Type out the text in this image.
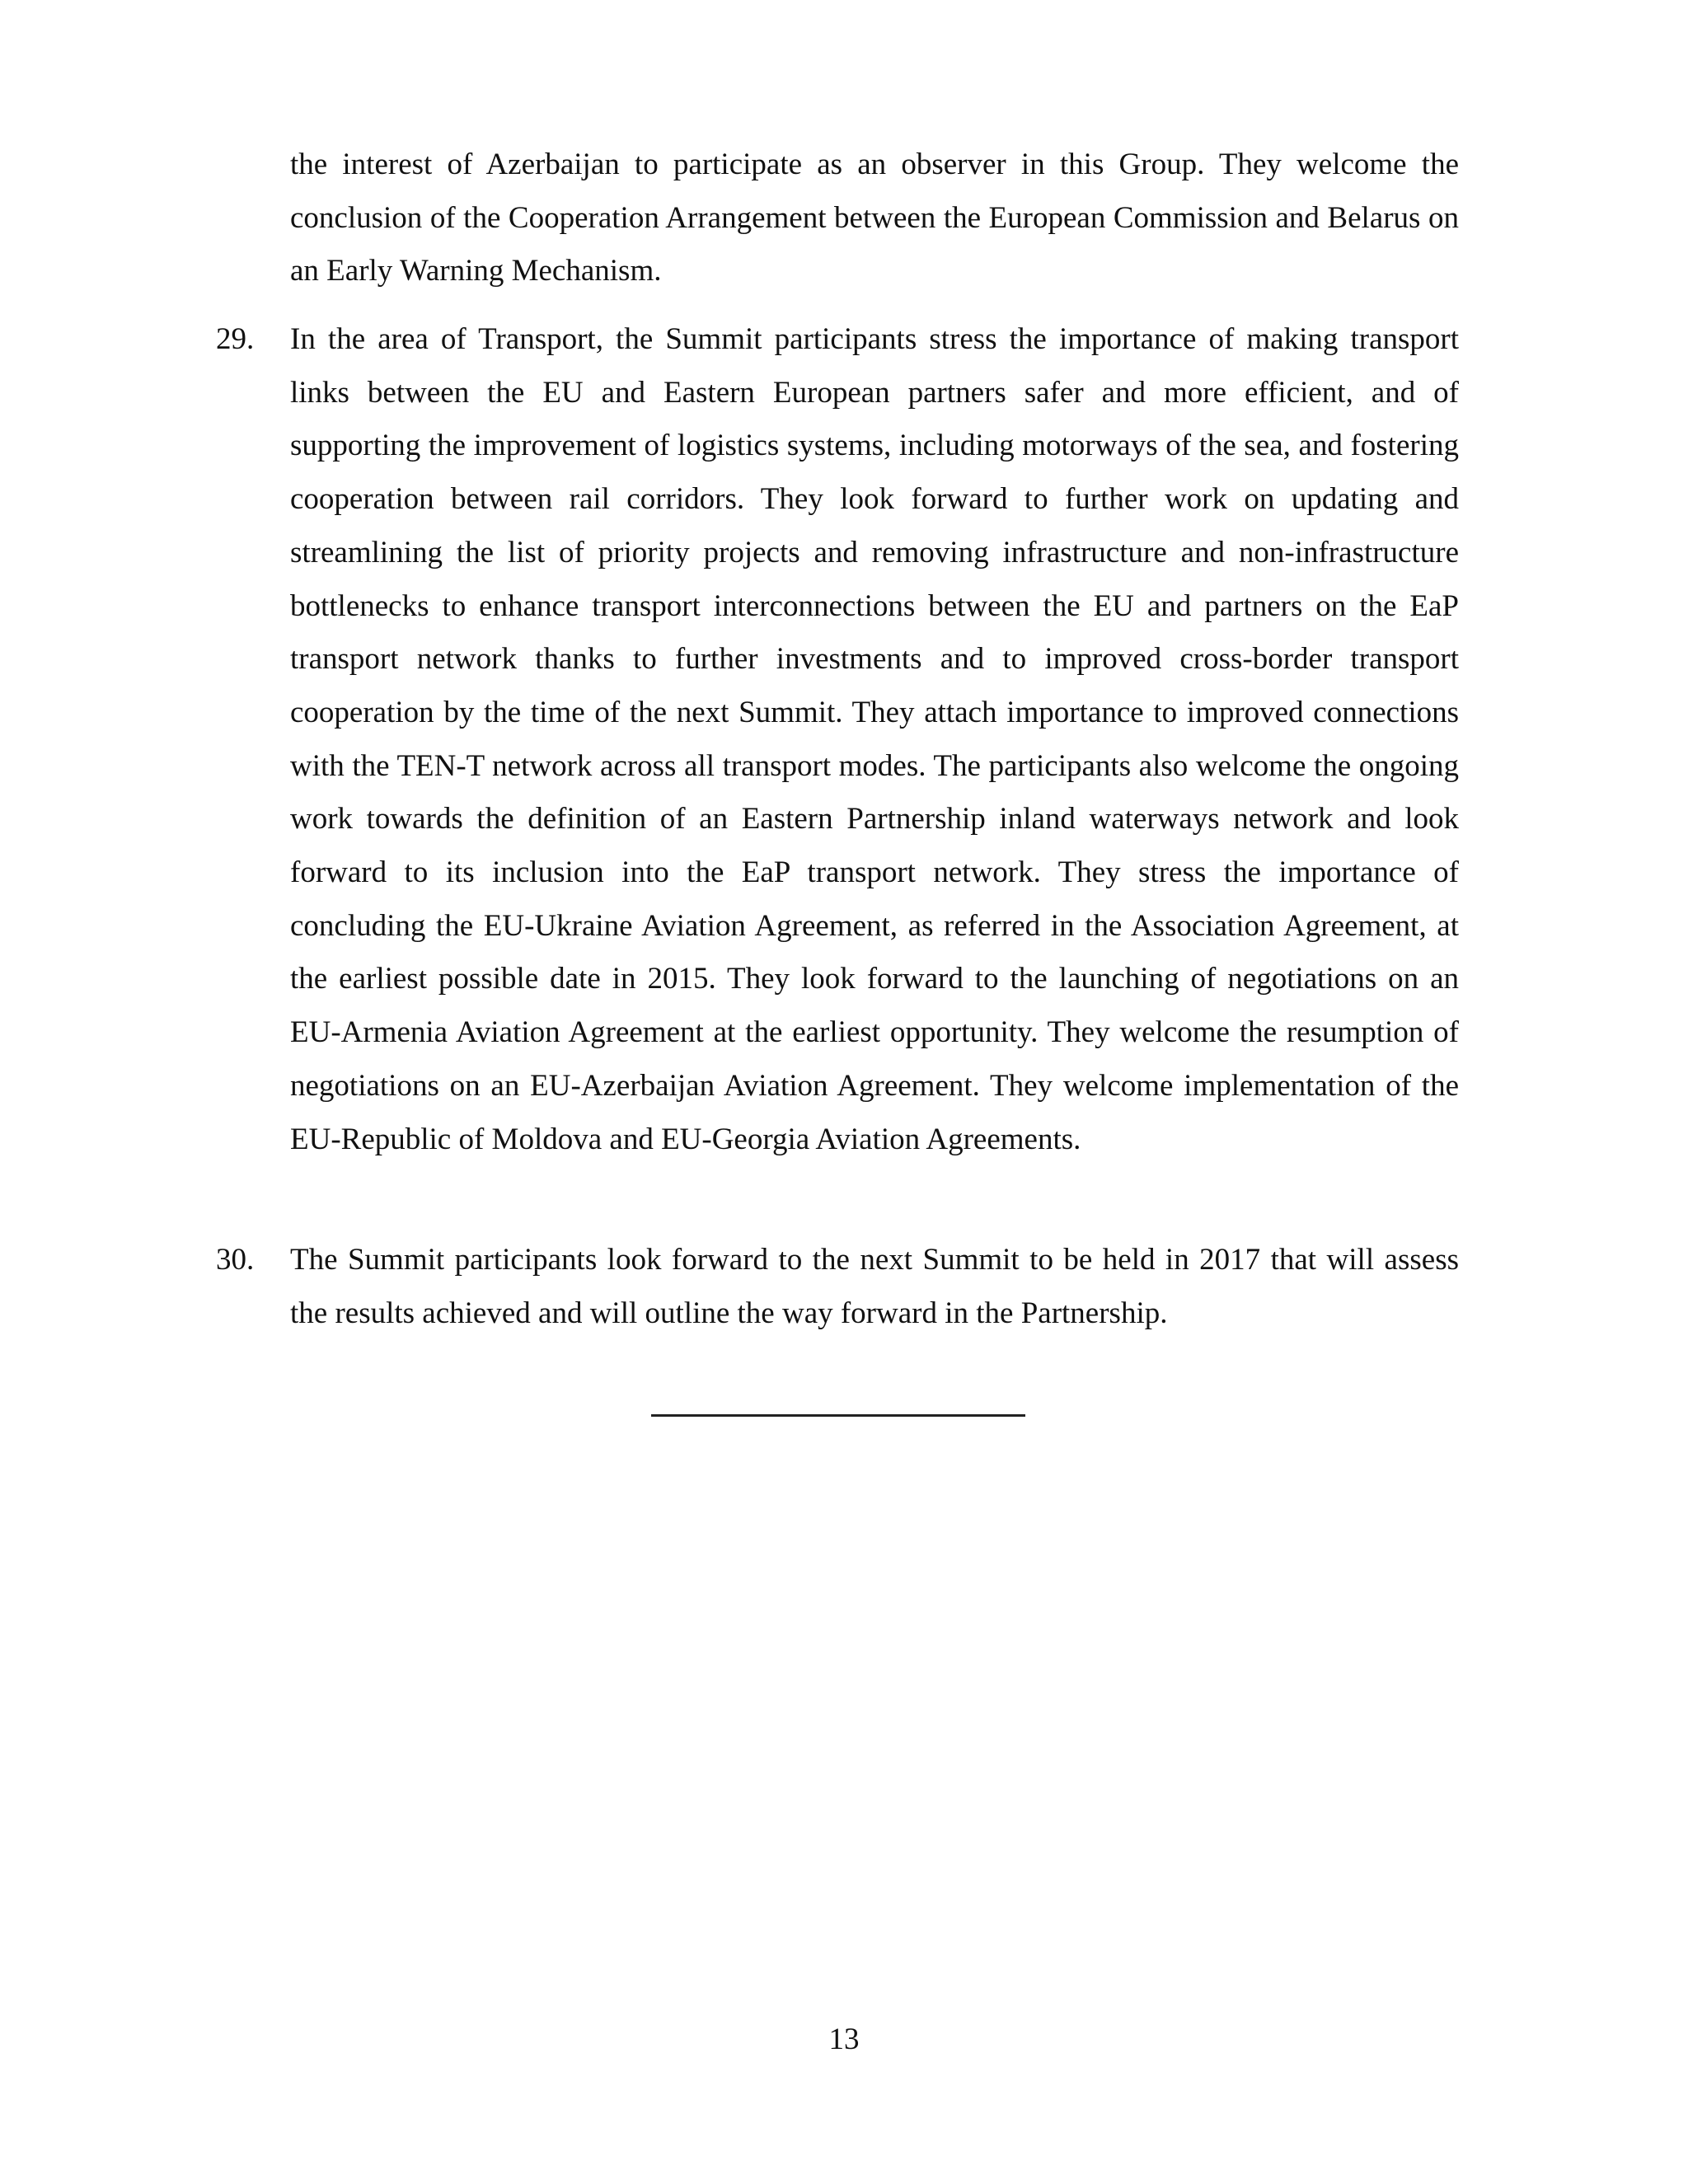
the interest of Azerbaijan to participate as an observer in this Group. They welcome the conclusion of the Cooperation Arrangement between the European Commission and Belarus on an Early Warning Mechanism.

29. In the area of Transport, the Summit participants stress the importance of making transport links between the EU and Eastern European partners safer and more efficient, and of supporting the improvement of logistics systems, including motorways of the sea, and fostering cooperation between rail corridors. They look forward to further work on updating and streamlining the list of priority projects and removing infrastructure and non-infrastructure bottlenecks to enhance transport interconnections between the EU and partners on the EaP transport network thanks to further investments and to improved cross-border transport cooperation by the time of the next Summit. They attach importance to improved connections with the TEN-T network across all transport modes. The participants also welcome the ongoing work towards the definition of an Eastern Partnership inland waterways network and look forward to its inclusion into the EaP transport network. They stress the importance of concluding the EU-Ukraine Aviation Agreement, as referred in the Association Agreement, at the earliest possible date in 2015. They look forward to the launching of negotiations on an EU-Armenia Aviation Agreement at the earliest opportunity. They welcome the resumption of negotiations on an EU-Azerbaijan Aviation Agreement. They welcome implementation of the EU-Republic of Moldova and EU-Georgia Aviation Agreements.

30. The Summit participants look forward to the next Summit to be held in 2017 that will assess the results achieved and will outline the way forward in the Partnership.

13
